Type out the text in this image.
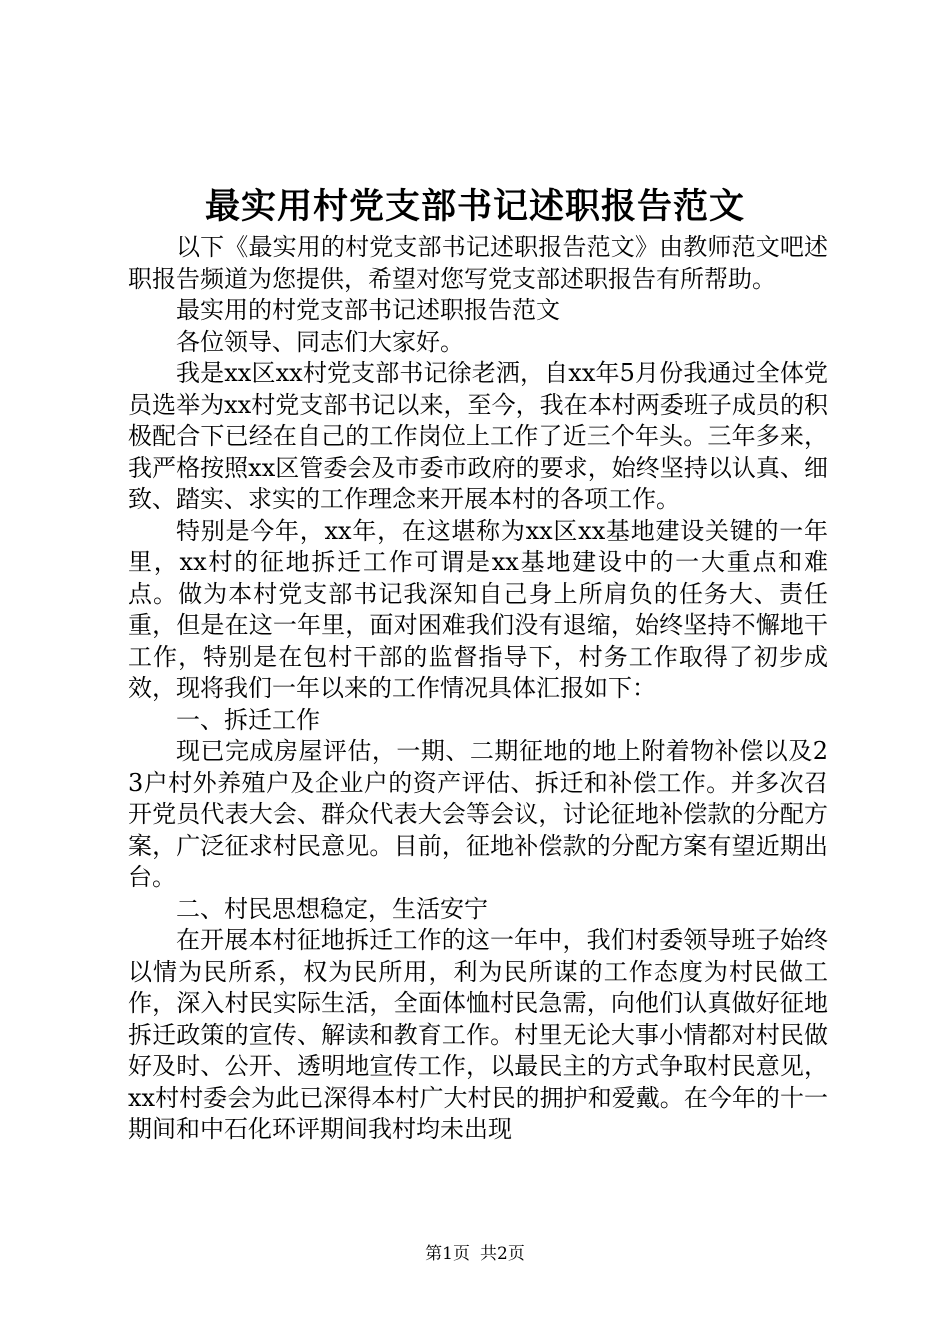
最实用村党支部书记述职报告范文

以下《最实用的村党支部书记述职报告范文》由教师范文吧述职报告频道为您提供，希望对您写党支部述职报告有所帮助。

最实用的村党支部书记述职报告范文

各位领导、同志们大家好。

我是xx区xx村党支部书记徐老洒，自xx年5月份我通过全体党员选举为xx村党支部书记以来，至今，我在本村两委班子成员的积极配合下已经在自己的工作岗位上工作了近三个年头。三年多来，我严格按照xx区管委会及市委市政府的要求，始终坚持以认真、细致、踏实、求实的工作理念来开展本村的各项工作。

特别是今年，xx年，在这堪称为xx区xx基地建设关键的一年里，xx村的征地拆迁工作可谓是xx基地建设中的一大重点和难点。做为本村党支部书记我深知自己身上所肩负的任务大、责任重，但是在这一年里，面对困难我们没有退缩，始终坚持不懈地干工作，特别是在包村干部的监督指导下，村务工作取得了初步成效，现将我们一年以来的工作情况具体汇报如下：

一、拆迁工作

现已完成房屋评估，一期、二期征地的地上附着物补偿以及23户村外养殖户及企业户的资产评估、拆迁和补偿工作。并多次召开党员代表大会、群众代表大会等会议，讨论征地补偿款的分配方案，广泛征求村民意见。目前，征地补偿款的分配方案有望近期出台。

二、村民思想稳定，生活安宁

在开展本村征地拆迁工作的这一年中，我们村委领导班子始终以情为民所系，权为民所用，利为民所谋的工作态度为村民做工作，深入村民实际生活，全面体恤村民急需，向他们认真做好征地拆迁政策的宣传、解读和教育工作。村里无论大事小情都对村民做好及时、公开、透明地宣传工作，以最民主的方式争取村民意见，xx村村委会为此已深得本村广大村民的拥护和爱戴。在今年的十一期间和中石化环评期间我村均未出现

第1页 共2页
